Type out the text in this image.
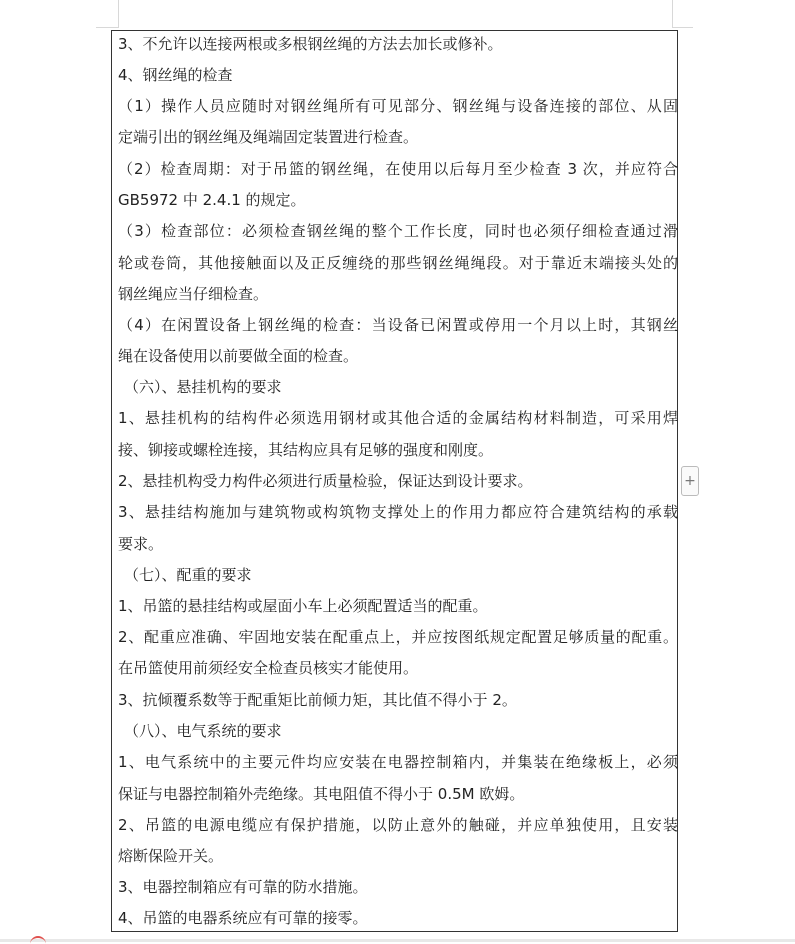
3、不允许以连接两根或多根钢丝绳的方法去加长或修补。
4、钢丝绳的检查
（1）操作人员应随时对钢丝绳所有可见部分、钢丝绳与设备连接的部位、从固
定端引出的钢丝绳及绳端固定装置进行检查。
（2）检查周期：对于吊篮的钢丝绳，在使用以后每月至少检查 3 次，并应符合
GB5972 中 2.4.1 的规定。
（3）检查部位：必须检查钢丝绳的整个工作长度，同时也必须仔细检查通过滑
轮或卷筒，其他接触面以及正反缠绕的那些钢丝绳绳段。对于靠近末端接头处的
钢丝绳应当仔细检查。
（4）在闲置设备上钢丝绳的检查：当设备已闲置或停用一个月以上时，其钢丝
绳在设备使用以前要做全面的检查。
（六）、悬挂机构的要求
1、悬挂机构的结构件必须选用钢材或其他合适的金属结构材料制造，可采用焊
接、铆接或螺栓连接，其结构应具有足够的强度和刚度。
2、悬挂机构受力构件必须进行质量检验，保证达到设计要求。
3、悬挂结构施加与建筑物或构筑物支撑处上的作用力都应符合建筑结构的承载
要求。
（七）、配重的要求
1、吊篮的悬挂结构或屋面小车上必须配置适当的配重。
2、配重应准确、牢固地安装在配重点上，并应按图纸规定配置足够质量的配重。
在吊篮使用前须经安全检查员核实才能使用。
3、抗倾覆系数等于配重矩比前倾力矩，其比值不得小于 2。
（八）、电气系统的要求
1、电气系统中的主要元件均应安装在电器控制箱内，并集装在绝缘板上，必须
保证与电器控制箱外壳绝缘。其电阻值不得小于 0.5M 欧姆。
2、吊篮的电源电缆应有保护措施，以防止意外的触碰，并应单独使用，且安装
熔断保险开关。
3、电器控制箱应有可靠的防水措施。
4、吊篮的电器系统应有可靠的接零。
+
